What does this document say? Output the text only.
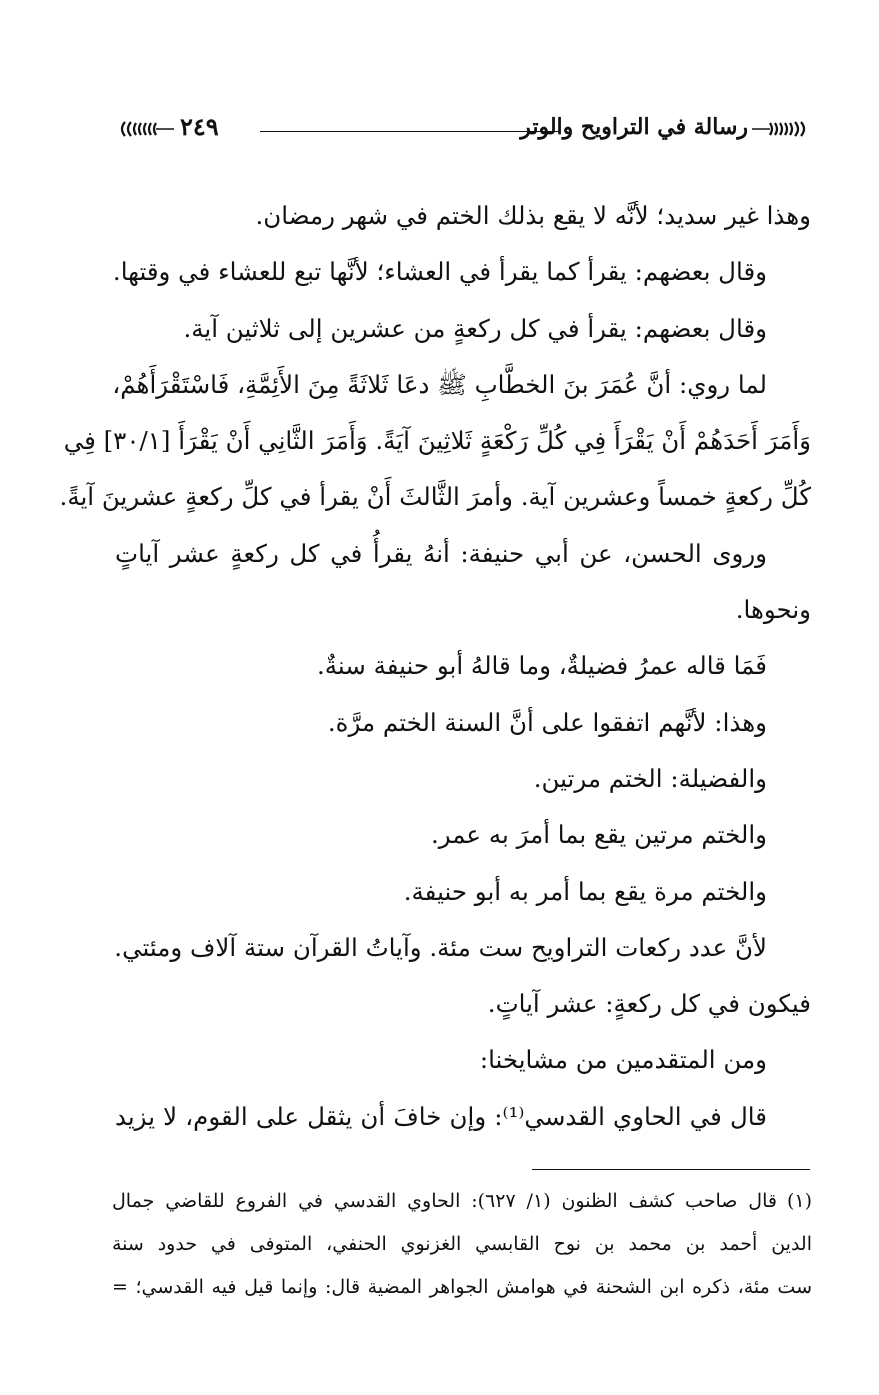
رسالة في التراويح والوتر
٢٤٩
وهذا غير سديد؛ لأنَّه لا يقع بذلك الختم في شهر رمضان.
وقال بعضهم: يقرأ كما يقرأ في العشاء؛ لأنَّها تبع للعشاء في وقتها.
وقال بعضهم: يقرأ في كل ركعةٍ من عشرين إلى ثلاثين آية.
لما روي: أنَّ عُمَرَ بنَ الخطَّابِ ﷺ دعَا ثَلاثَةً مِنَ الأَئِمَّةِ، فَاسْتَقْرَأَهُمْ،
وَأَمَرَ أَحَدَهُمْ أَنْ يَقْرَأَ فِي كُلِّ رَكْعَةٍ ثَلاثِينَ آيَةً. وَأَمَرَ الثَّانِي أَنْ يَقْرَأَ [٣٠/١] فِي
كُلِّ ركعةٍ خمساً وعشرين آية. وأمرَ الثَّالثَ أَنْ يقرأ في كلِّ ركعةٍ عشرينَ آيةً.
وروى الحسن، عن أبي حنيفة: أنهُ يقرأُ في كل ركعةٍ عشر آياتٍ
ونحوها.
فَمَا قاله عمرُ فضيلةٌ، وما قالهُ أبو حنيفة سنةٌ.
وهذا: لأنَّهم اتفقوا على أنَّ السنة الختم مرَّة.
والفضيلة: الختم مرتين.
والختم مرتين يقع بما أمرَ به عمر.
والختم مرة يقع بما أمر به أبو حنيفة.
لأنَّ عدد ركعات التراويح ست مئة. وآياتُ القرآن ستة آلاف ومئتي.
فيكون في كل ركعةٍ: عشر آياتٍ.
ومن المتقدمين من مشايخنا:
قال في الحاوي القدسي⁽¹⁾: وإن خافَ أن يثقل على القوم، لا يزيد
(١)قال صاحب كشف الظنون (١/ ٦٢٧): الحاوي القدسي في الفروع للقاضي جمال
الدين أحمد بن محمد بن نوح القابسي الغزنوي الحنفي، المتوفى في حدود سنة
ست مئة، ذكره ابن الشحنة في هوامش الجواهر المضية قال: وإنما قيل فيه القدسي؛ =
